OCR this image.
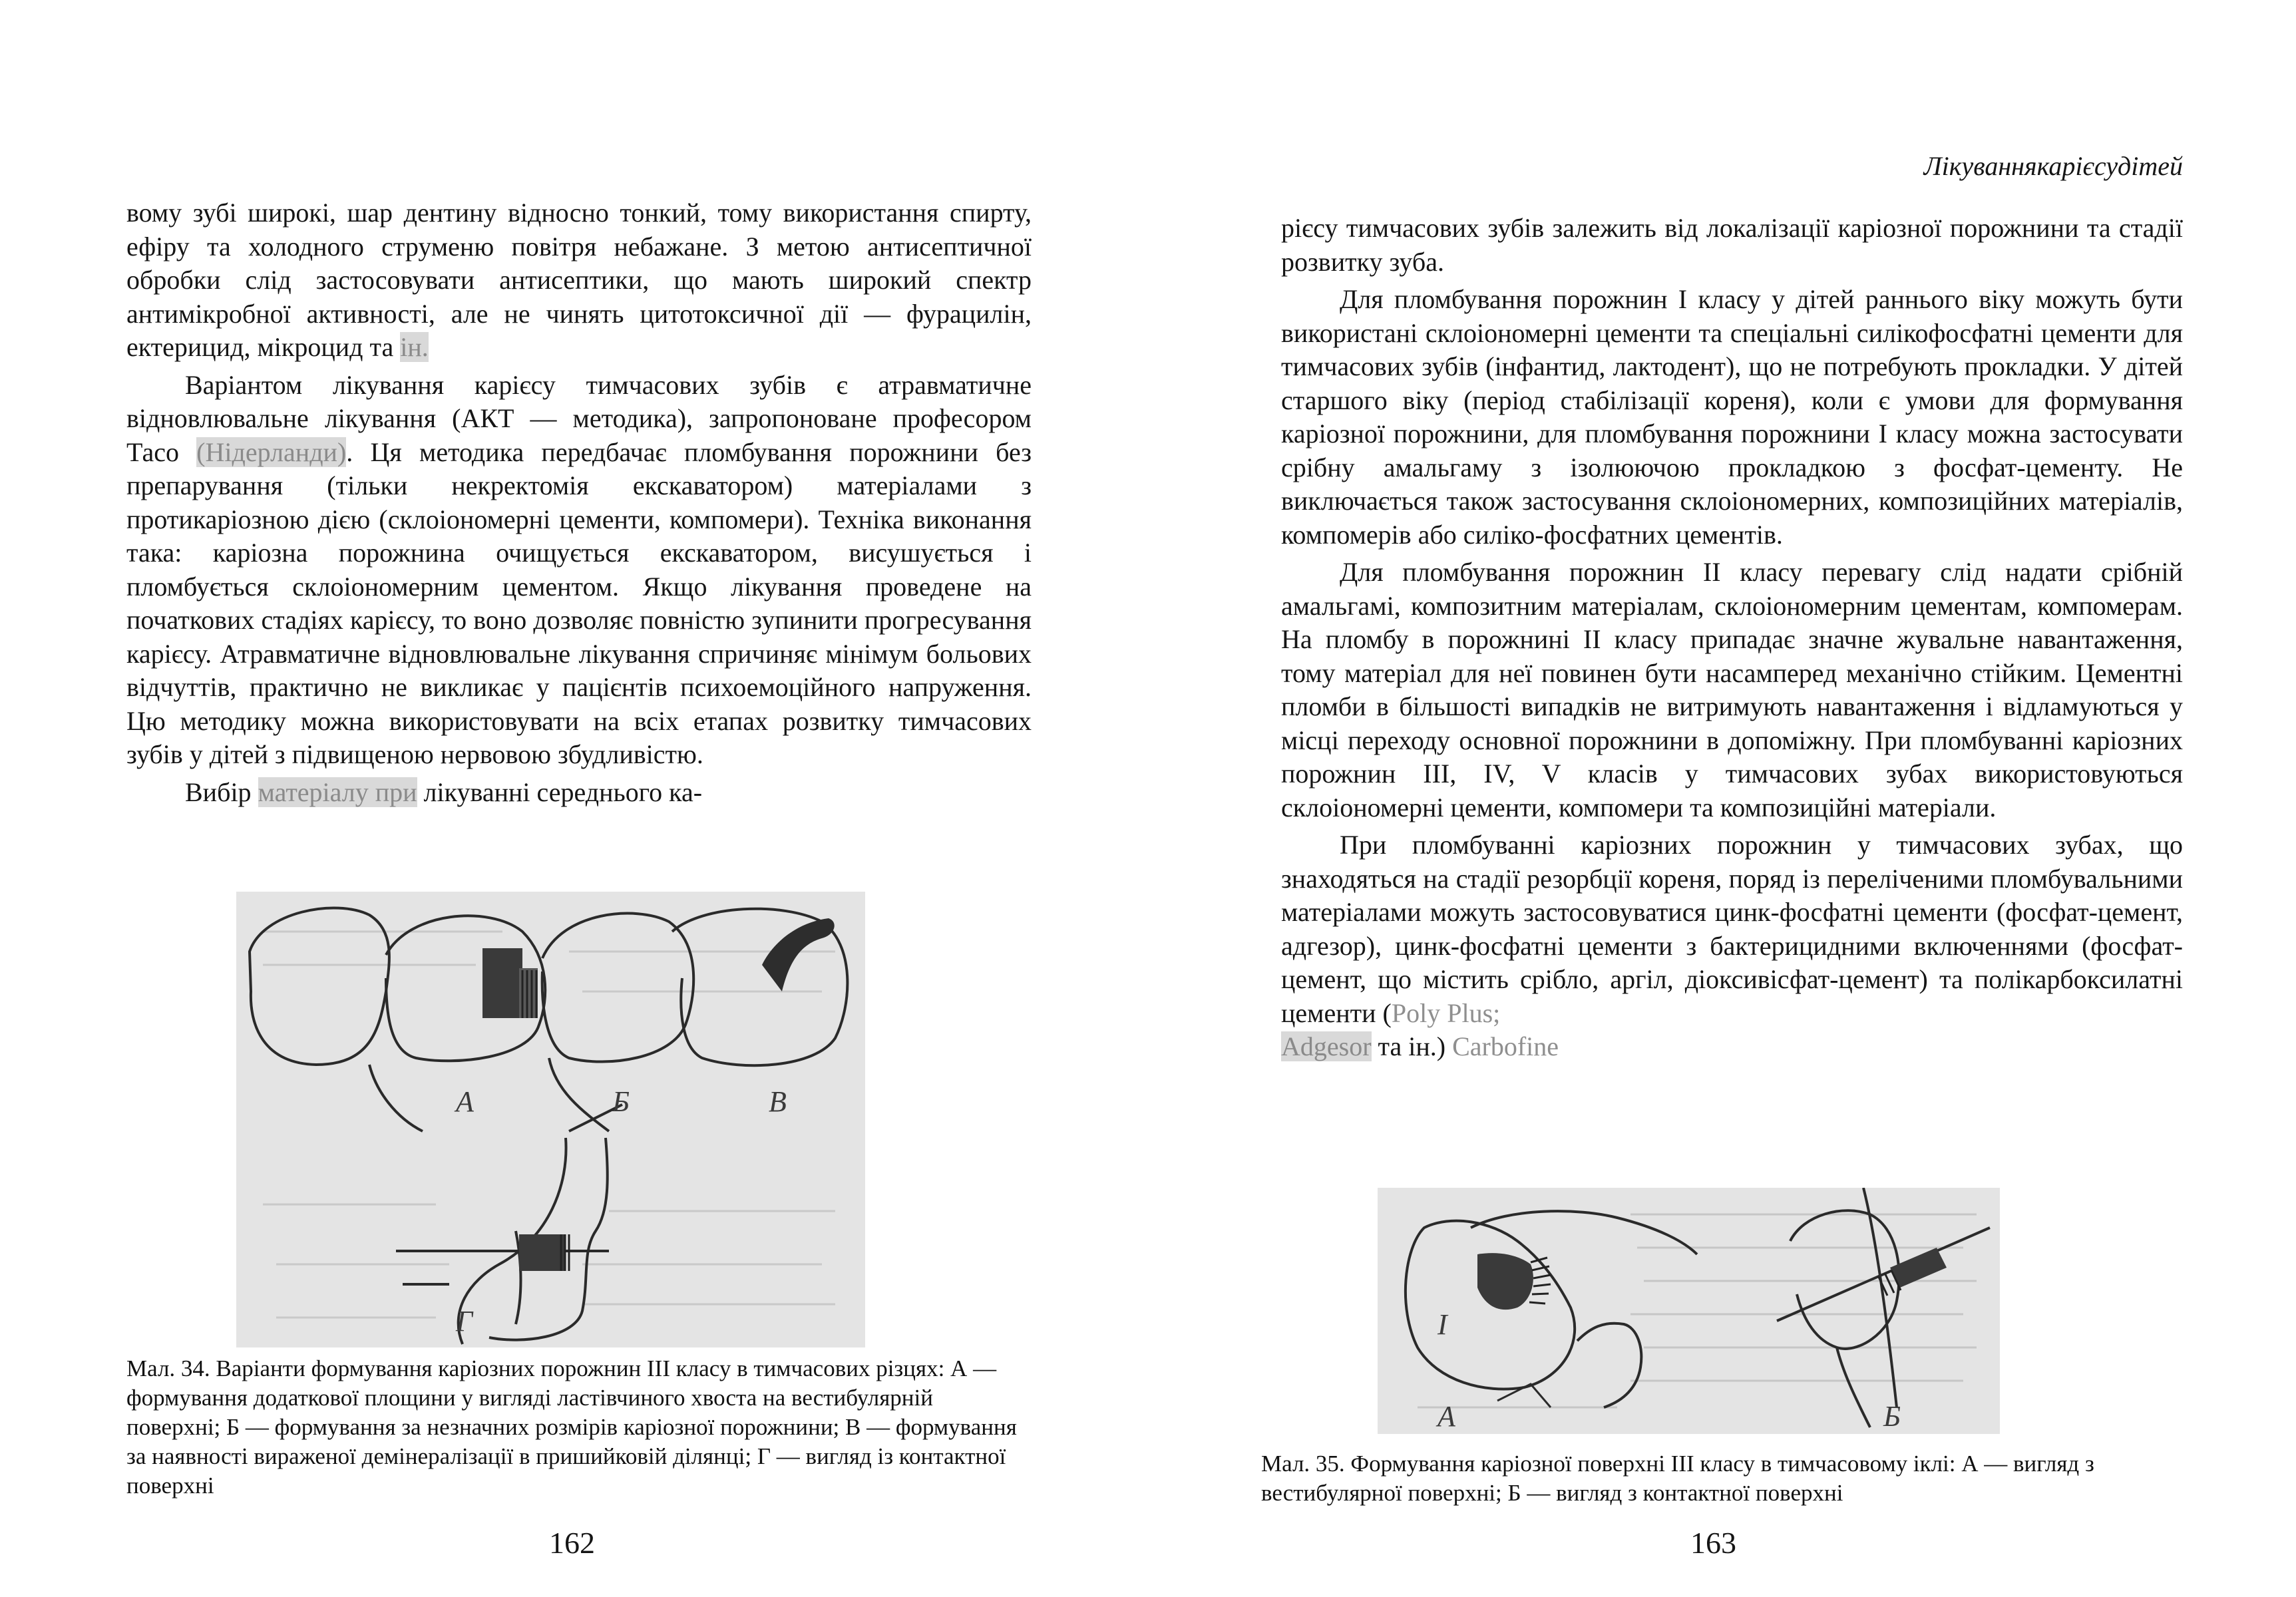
вому зубі широкі, шар дентину відносно тонкий, тому використання спирту, ефіру та холодного струменю повітря небажане. З метою антисептичної обробки слід застосовувати антисептики, що мають широкий спектр антимікробної активності, але не чинять цитотоксичної дії — фурацилін, ектерицид, мікроцид та ін.

Варіантом лікування карієсу тимчасових зубів є атравматичне відновлювальне лікування (АКТ — методика), запропоноване професором Тасо (Нідерланди). Ця методика передбачає пломбування порожнини без препарування (тільки некректомія екскаватором) матеріалами з протикаріозною дією (склоіономерні цементи, компомери). Техніка виконання така: каріозна порожнина очищується екскаватором, висушується і пломбується склоіономерним цементом. Якщо лікування проведене на початкових стадіях карієсу, то воно дозволяє повністю зупинити прогресування карієсу. Атравматичне відновлювальне лікування спричиняє мінімум больових відчуттів, практично не викликає у пацієнтів психоемоційного напруження. Цю методику можна використовувати на всіх етапах розвитку тимчасових зубів у дітей з підвищеною нервовою збудливістю.

Вибір матеріалу при лікуванні середнього ка-

А	Б	В
Г
Мал. 34. Варіанти формування каріозних порожнин III класу в тимчасових різцях: А — формування додаткової площини у вигляді ластівчиного хвоста на вестибулярній поверхні; Б — формування за незначних розмірів каріозної порожнини; В — формування за наявності вираженої демінералізації в пришийковій ділянці; Г — вигляд із контактної поверхні
162
Лікуваннякарієсудітей

рієсу тимчасових зубів залежить від локалізації каріозної порожнини та стадії розвитку зуба.

Для пломбування порожнин І класу у дітей раннього віку можуть бути використані склоіономерні цементи та спеціальні силікофосфатні цементи для тимчасових зубів (інфантид, лактодент), що не потребують прокладки. У дітей старшого віку (період стабілізації кореня), коли є умови для формування каріозної порожнини, для пломбування порожнини І класу можна застосувати срібну амальгаму з ізолюючою прокладкою з фосфат-цементу. Не виключається також застосування склоіономерних, композиційних матеріалів, компомерів або силіко-фосфатних цементів.

Для пломбування порожнин II класу перевагу слід надати срібній амальгамі, композитним матеріалам, склоіономерним цементам, компомерам. На пломбу в порожнині II класу припадає значне жувальне навантаження, тому матеріал для неї повинен бути насамперед механічно стійким. Цементні пломби в більшості випадків не витримують навантаження і відламуються у місці переходу основної порожнини в допоміжну. При пломбуванні каріозних порожнин III, IV, V класів у тимчасових зубах використовуються склоіономерні цементи, компомери та композиційні матеріали.

При пломбуванні каріозних порожнин у тимчасових зубах, що знаходяться на стадії резорбції кореня, поряд із переліченими пломбувальними матеріалами можуть застосовуватися цинк-фосфатні цементи (фосфат-цемент, адгезор), цинк-фосфатні цементи з бактерицидними включеннями (фосфат-цемент, що містить срібло, аргіл, діоксивісфат-цемент) та полікарбоксилатні цементи (Poly Plus;
Adgesor та ін.) Carbofine

І
А	Б
Мал. 35. Формування каріозної поверхні III класу в тимчасовому іклі: А — вигляд з вестибулярної поверхні; Б — вигляд з контактної поверхні
163
